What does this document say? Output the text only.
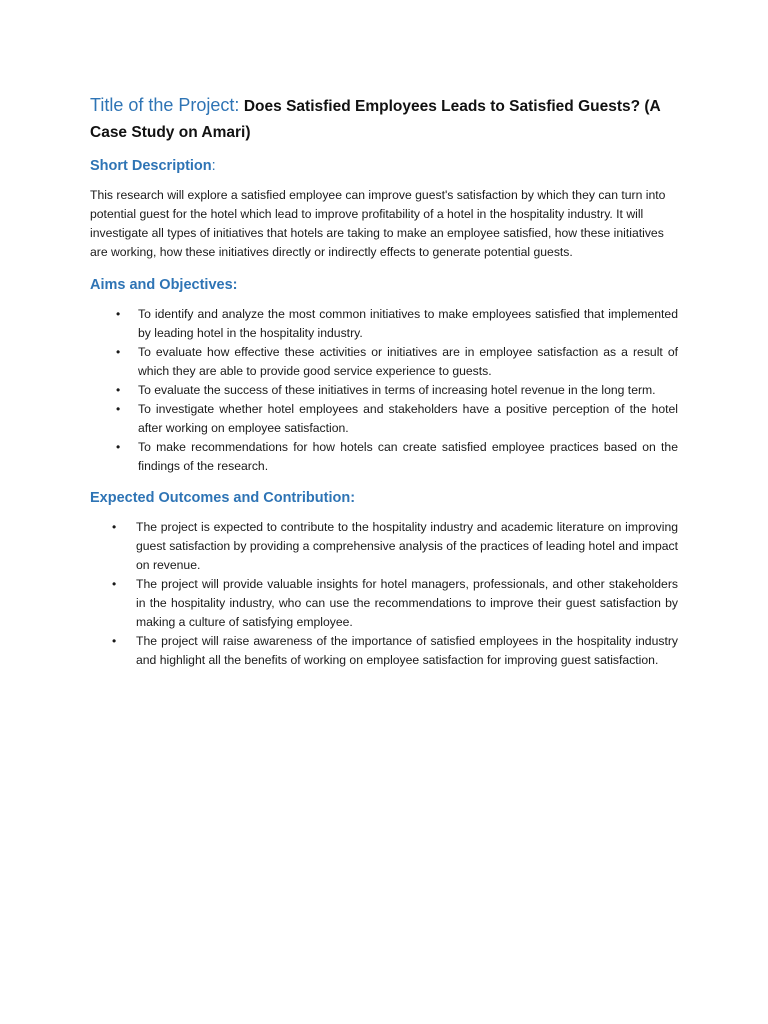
Title of the Project: Does Satisfied Employees Leads to Satisfied Guests? (A Case Study on Amari)
Short Description:

This research will explore a satisfied employee can improve guest's satisfaction by which they can turn into potential guest for the hotel which lead to improve profitability of a hotel in the hospitality industry. It will investigate all types of initiatives that hotels are taking to make an employee satisfied, how these initiatives are working, how these initiatives directly or indirectly effects to generate potential guests.

Aims and Objectives:
• To identify and analyze the most common initiatives to make employees satisfied that implemented by leading hotel in the hospitality industry.
• To evaluate how effective these activities or initiatives are in employee satisfaction as a result of which they are able to provide good service experience to guests.
• To evaluate the success of these initiatives in terms of increasing hotel revenue in the long term.
• To investigate whether hotel employees and stakeholders have a positive perception of the hotel after working on employee satisfaction.
• To make recommendations for how hotels can create satisfied employee practices based on the findings of the research.
Expected Outcomes and Contribution:
• The project is expected to contribute to the hospitality industry and academic literature on improving guest satisfaction by providing a comprehensive analysis of the practices of leading hotel and impact on revenue.
• The project will provide valuable insights for hotel managers, professionals, and other stakeholders in the hospitality industry, who can use the recommendations to improve their guest satisfaction by making a culture of satisfying employee.
• The project will raise awareness of the importance of satisfied employees in the hospitality industry and highlight all the benefits of working on employee satisfaction for improving guest satisfaction.
